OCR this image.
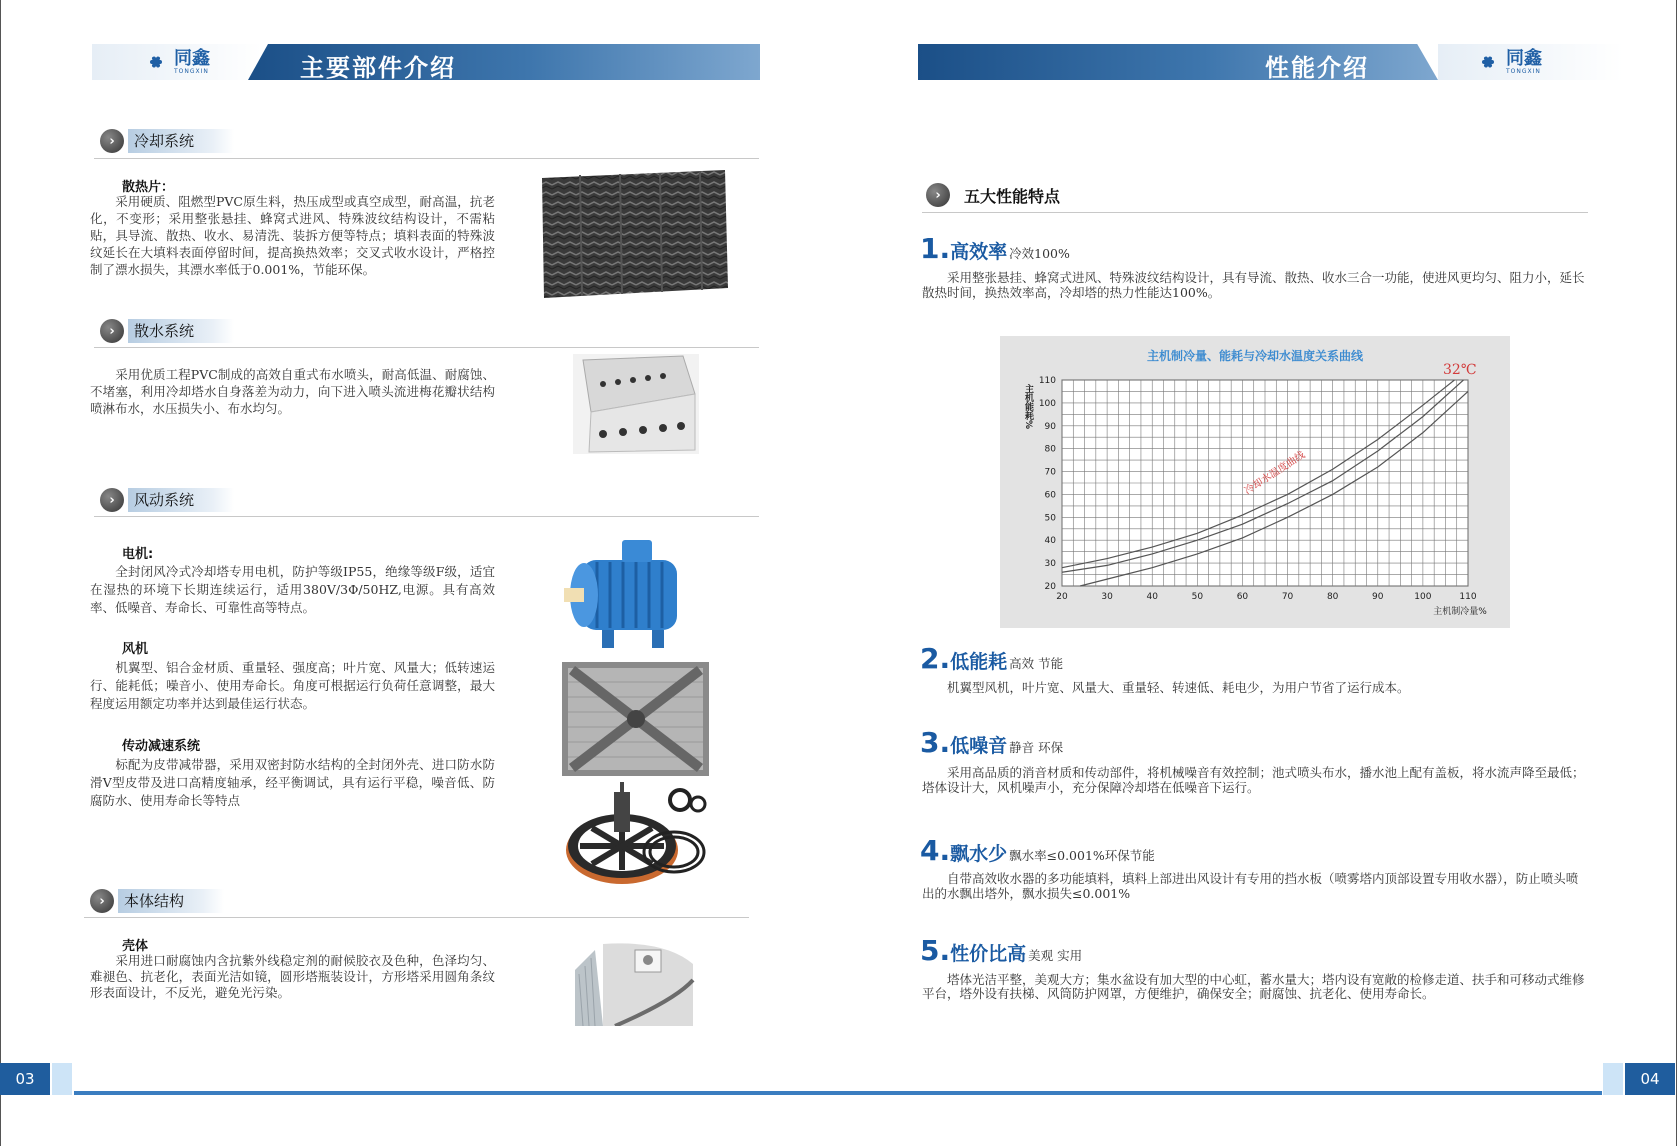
同鑫
TONGXIN	主要部件介绍
›	冷却系统
散热片：
　　采用硬质、阻燃型PVC原生料，热压成型或真空成型，耐高温，抗老化，不变形；采用整张悬挂、蜂窝式进风、特殊波纹结构设计，不需粘贴，具导流、散热、收水、易清洗、装拆方便等特点；填料表面的特殊波纹延长在大填料表面停留时间，提高换热效率；交叉式收水设计，严格控制了漂水损失，其漂水率低于0.001%，节能环保。
›	散水系统
　　采用优质工程PVC制成的高效自重式布水喷头，耐高低温、耐腐蚀、不堵塞，利用冷却塔水自身落差为动力，向下进入喷头流进梅花瓣状结构喷淋布水，水压损失小、布水均匀。
›	风动系统
电机:
　　全封闭风冷式冷却塔专用电机，防护等级IP55，绝缘等级F级，适宜在湿热的环境下长期连续运行，适用380V/3Φ/50HZ,电源。具有高效率、低噪音、寿命长、可靠性高等特点。
风机
　　机翼型、铝合金材质、重量轻、强度高；叶片宽、风量大；低转速运行、能耗低；噪音小、使用寿命长。角度可根据运行负荷任意调整，最大程度运用额定功率并达到最佳运行状态。
传动减速系统
　　标配为皮带减带器，采用双密封防水结构的全封闭外壳、进口防水防滑V型皮带及进口高精度轴承，经平衡调试，具有运行平稳，噪音低、防腐防水、使用寿命长等特点
›	本体结构
壳体
　　采用进口耐腐蚀内含抗紫外线稳定剂的耐候胶衣及色种，色泽均匀、难褪色、抗老化，表面光洁如镜，圆形塔瓶装设计，方形塔采用圆角条纹形表面设计，不反光，避免光污染。
03
性能介绍	同鑫
TONGXIN
›	五大性能特点
1. 高效率 冷效100%
　　采用整张悬挂、蜂窝式进风、特殊波纹结构设计，具有导流、散热、收水三合一功能，使进风更均匀、阻力小，延长散热时间，换热效率高，冷却塔的热力性能达100%。
20	30	40	50	60	70	80	90	100	110
20
30
40
50
60
70
80
90
100
110
主机制冷量、能耗与冷却水温度关系曲线
主机能耗%
主机制冷量%
32℃
冷却水温度曲线
2. 低能耗 高效 节能
　　机翼型风机，叶片宽、风量大、重量轻、转速低、耗电少，为用户节省了运行成本。
3. 低噪音 静音 环保
　　采用高品质的消音材质和传动部件，将机械噪音有效控制；池式喷头布水，播水池上配有盖板，将水流声降至最低；塔体设计大，风机噪声小，充分保障冷却塔在低噪音下运行。
4. 飘水少 飘水率≤0.001%环保节能
　　自带高效收水器的多功能填料，填料上部进出风设计有专用的挡水板（喷雾塔内顶部设置专用收水器），防止喷头喷出的水飘出塔外，飘水损失≤0.001%
5. 性价比高 美观 实用
　　塔体光洁平整，美观大方；集水盆设有加大型的中心虹，蓄水量大；塔内设有宽敞的检修走道、扶手和可移动式维修平台，塔外设有扶梯、风筒防护网罩，方便维护，确保安全；耐腐蚀、抗老化、使用寿命长。
04
